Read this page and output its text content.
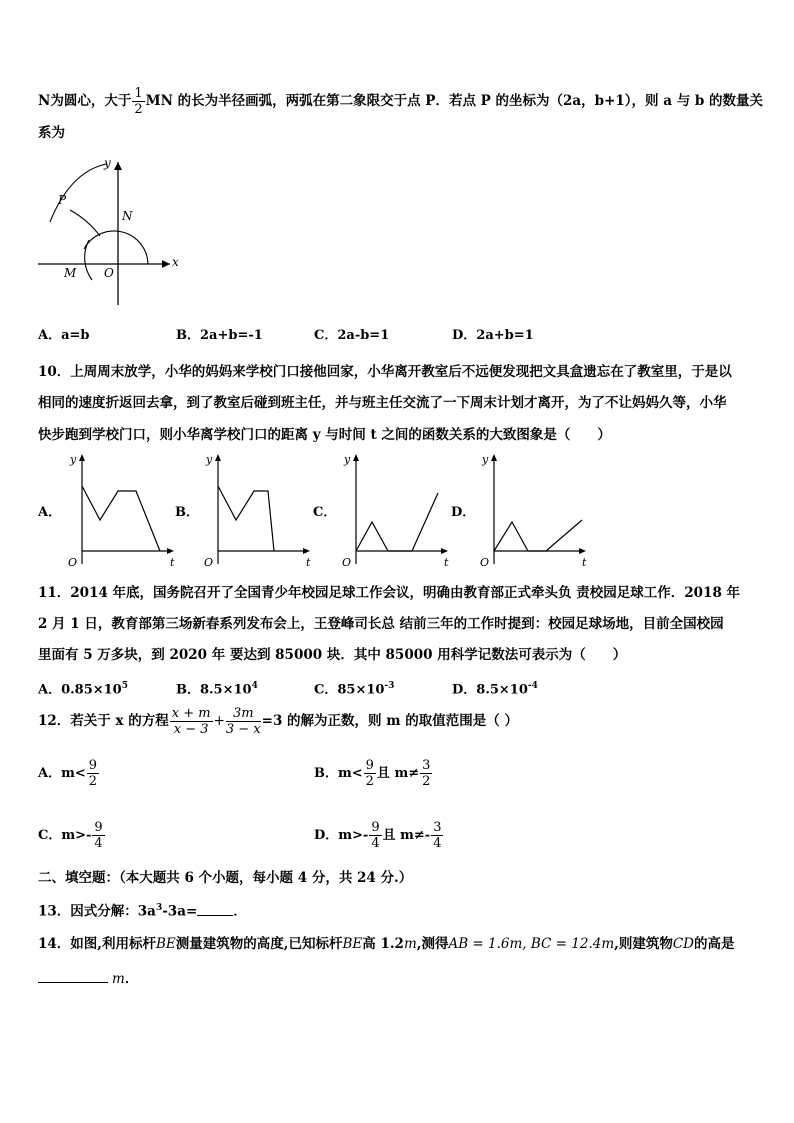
N为圆心，大于 $\frac{1}{2}$ MN 的长为半径画弧，两弧在第二象限交于点 P．若点 P 的坐标为（2a，b+1），则 a 与 b 的数量关
系为
y
x
P
N
M O
A．a=b	B．2a+b=-1	C．2a-b=1	D．2a+b=1
10．上周周末放学，小华的妈妈来学校门口接他回家，小华离开教室后不远便发现把文具盒遗忘在了教室里，于是以
相同的速度折返回去拿，到了教室后碰到班主任，并与班主任交流了一下周末计划才离开，为了不让妈妈久等，小华
快步跑到学校门口，则小华离学校门口的距离 y 与时间 t 之间的函数关系的大致图象是（　　）
A．	B．	C．	D．
y
t
O
y
t
O
y
t
O
y
t
O
11．2014 年底，国务院召开了全国青少年校园足球工作会议，明确由教育部正式牵头负 责校园足球工作．2018 年
2 月 1 日，教育部第三场新春系列发布会上，王登峰司长总 结前三年的工作时提到：校园足球场地，目前全国校园
里面有 5 万多块，到 2020 年 要达到 85000 块．其中 85000 用科学记数法可表示为（　　）
A．$0.85\times 10^5$	B．$8.5\times 10^4$	C．$85\times 10^{-3}$	D．$8.5\times 10^{-4}$
12．若关于 x 的方程 $\frac{x + m}{x - 3} + \frac{3m}{3 - x} =3$ 的解为正数，则 m 的取值范围是（ ）
A．$m< \frac{9}{2}$	B．$m< \frac{9}{2}$ 且 $m\ne \frac{3}{2}$
C．$m>- \frac{9}{4}$	D．$m>- \frac{9}{4}$ 且 $m\ne- \frac{3}{4}$
二、填空题：（本大题共 6 个小题，每小题 4 分，共 24 分.）
13．因式分解：$3a^3-3a=$	．
14．如图,利用标杆BE测量建筑物的高度,已知标杆BE高 1.2m,测得AB = 1.6m, BC = 12.4m,则建筑物CD的高是
m．
